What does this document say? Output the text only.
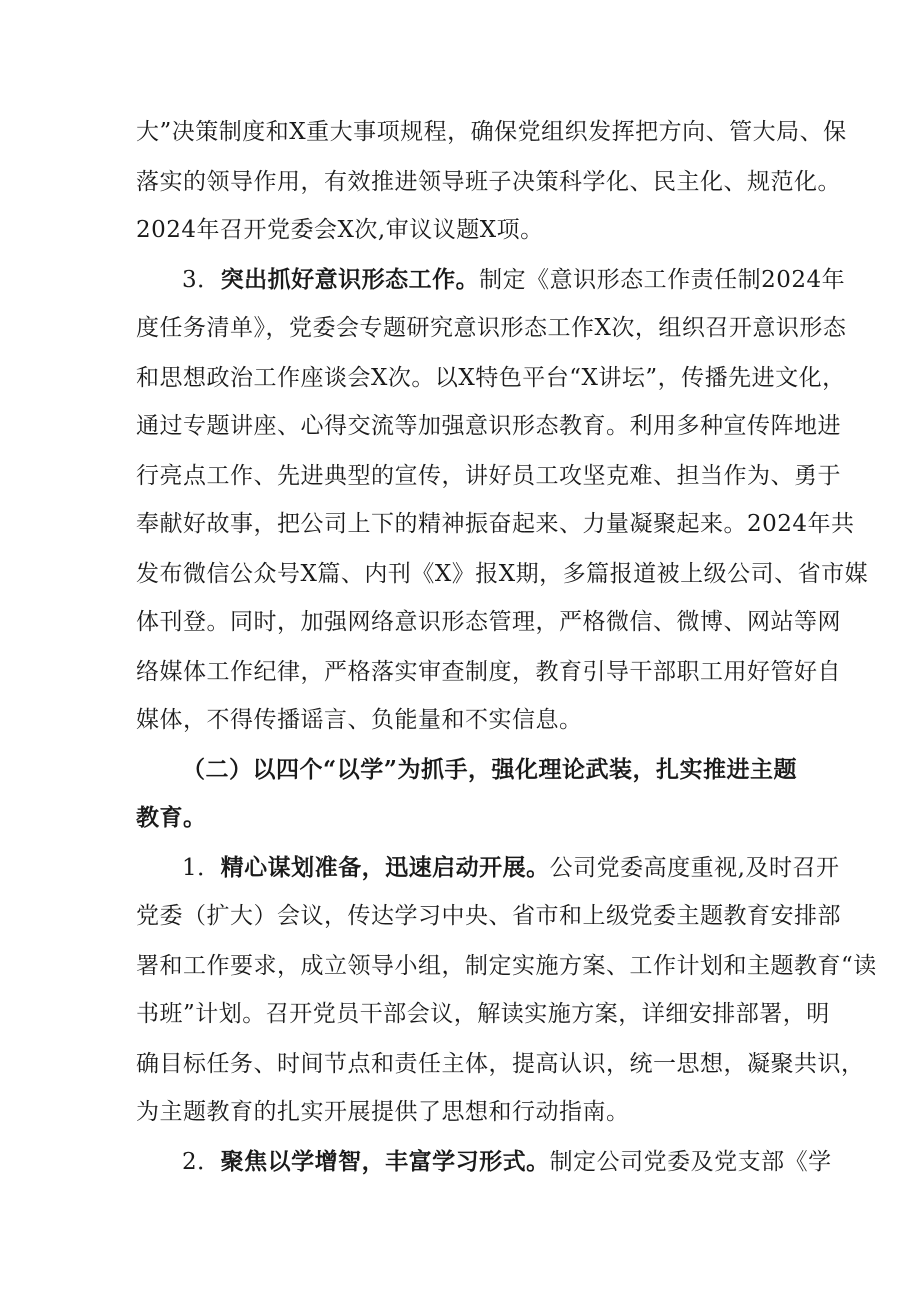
大”决策制度和X重大事项规程，确保党组织发挥把方向、管大局、保
落实的领导作用，有效推进领导班子决策科学化、民主化、规范化。
2024年召开党委会X次,审议议题X项。
3．突出抓好意识形态工作。制定《意识形态工作责任制2024年
度任务清单》，党委会专题研究意识形态工作X次，组织召开意识形态
和思想政治工作座谈会X次。以X特色平台“X讲坛”，传播先进文化，
通过专题讲座、心得交流等加强意识形态教育。利用多种宣传阵地进
行亮点工作、先进典型的宣传，讲好员工攻坚克难、担当作为、勇于
奉献好故事，把公司上下的精神振奋起来、力量凝聚起来。2024年共
发布微信公众号X篇、内刊《X》报X期，多篇报道被上级公司、省市媒
体刊登。同时，加强网络意识形态管理，严格微信、微博、网站等网
络媒体工作纪律，严格落实审查制度，教育引导干部职工用好管好自
媒体，不得传播谣言、负能量和不实信息。
（二）以四个“以学”为抓手，强化理论武装，扎实推进主题
教育。
1．精心谋划准备，迅速启动开展。公司党委高度重视,及时召开
党委（扩大）会议，传达学习中央、省市和上级党委主题教育安排部
署和工作要求，成立领导小组，制定实施方案、工作计划和主题教育“读
书班”计划。召开党员干部会议，解读实施方案，详细安排部署，明
确目标任务、时间节点和责任主体，提高认识，统一思想，凝聚共识，
为主题教育的扎实开展提供了思想和行动指南。
2．聚焦以学增智，丰富学习形式。制定公司党委及党支部《学
